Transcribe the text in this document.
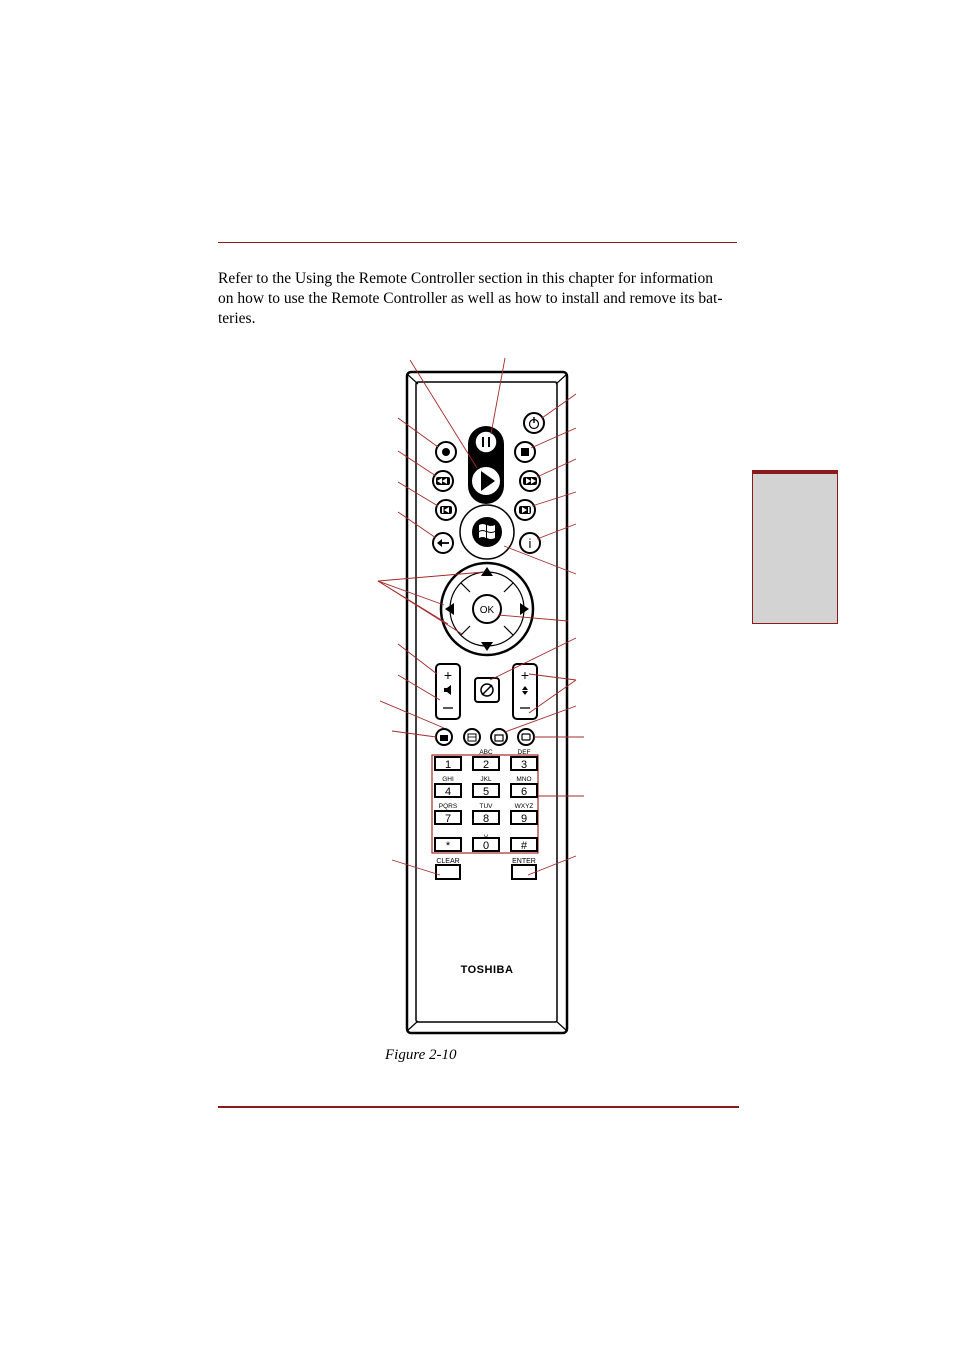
Refer to the Using the Remote Controller section in this chapter for information
on how to use the Remote Controller as well as how to install and remove its bat-
teries.
i
OK
+	+
1	2
ABC
3
DEF
4
GHI
5
JKL
6
MNO
7
PQRS
8
TUV
9
WXYZ
*	0
␣
#
CLEAR	ENTER
TOSHIBA
Figure 2-10
